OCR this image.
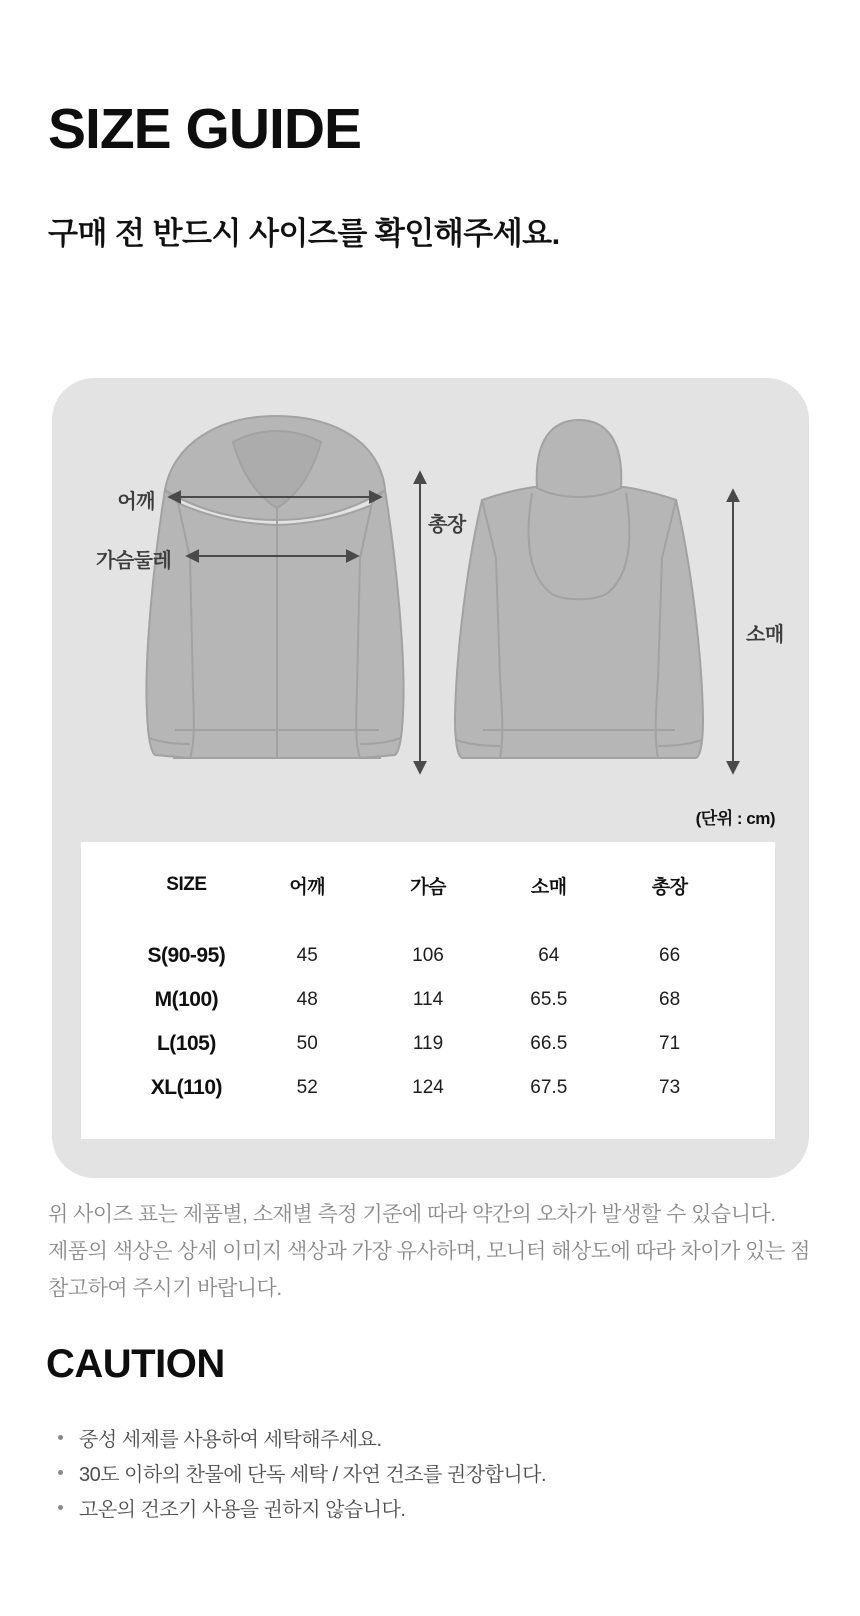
SIZE GUIDE
구매 전 반드시 사이즈를 확인해주세요.
어깨
가슴둘레
총장
소매
(단위 : cm)
SIZE	어깨	가슴	소매	총장
S(90-95)	45	106	64	66
M(100)	48	114	65.5	68
L(105)	50	119	66.5	71
XL(110)	52	124	67.5	73
위 사이즈 표는 제품별, 소재별 측정 기준에 따라 약간의 오차가 발생할 수 있습니다.
제품의 색상은 상세 이미지 색상과 가장 유사하며, 모니터 해상도에 따라 차이가 있는 점
참고하여 주시기 바랍니다.
CAUTION
중성 세제를 사용하여 세탁해주세요.
30도 이하의 찬물에 단독 세탁 / 자연 건조를 권장합니다.
고온의 건조기 사용을 권하지 않습니다.
